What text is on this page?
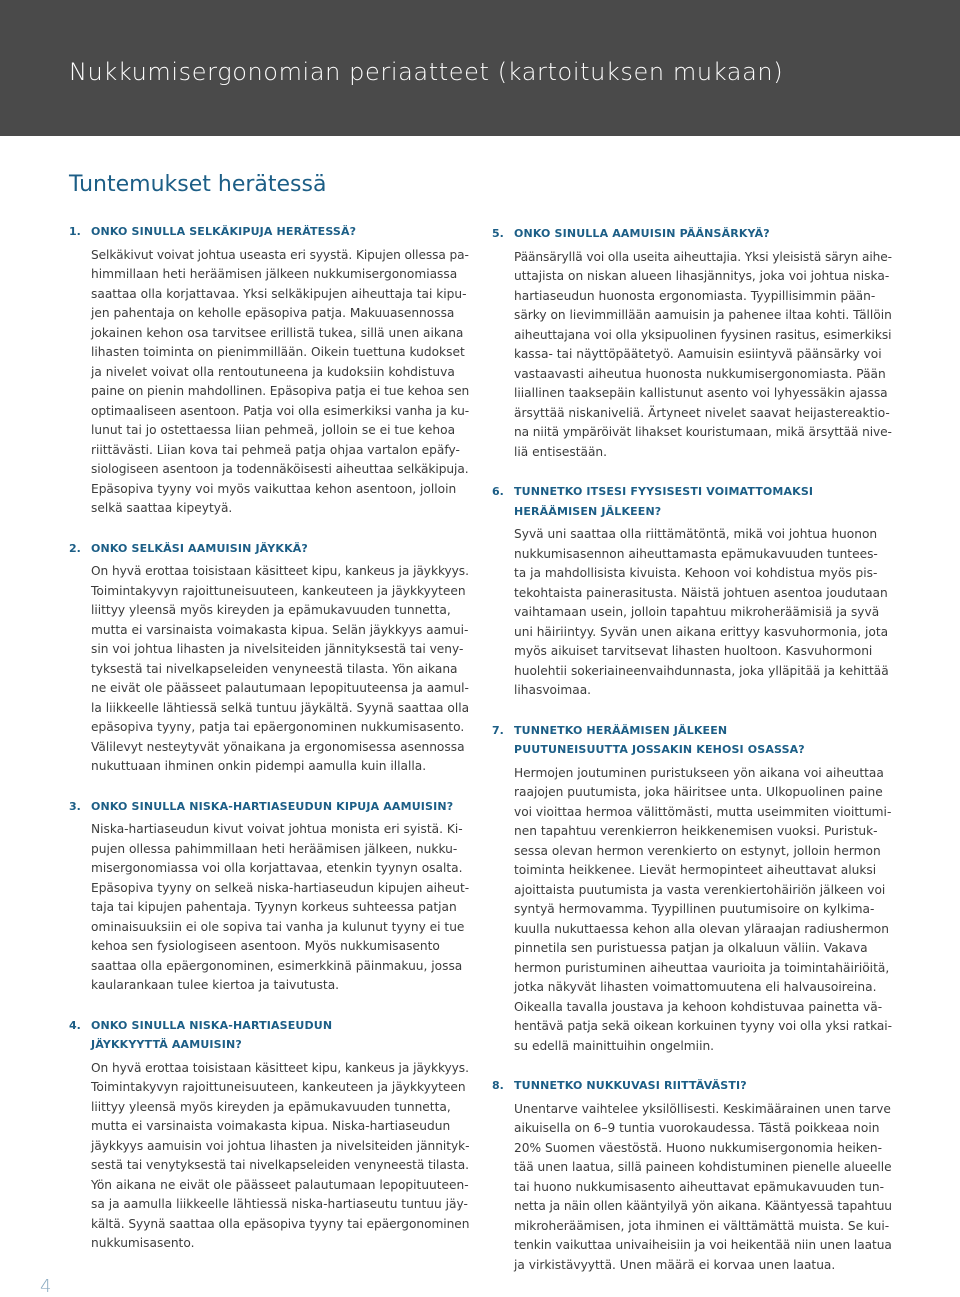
Nukkumisergonomian periaatteet (kartoituksen mukaan)
Tuntemukset herätessä
1. ONKO SINULLA SELKÄKIPUJA HERÄTESSÄ?
Selkäkivut voivat johtua useasta eri syystä. Kipujen ollessa pa-
himmillaan heti heräämisen jälkeen nukkumisergonomiassa
saattaa olla korjattavaa. Yksi selkäkipujen aiheuttaja tai kipu-
jen pahentaja on keholle epäsopiva patja. Makuuasennossa
jokainen kehon osa tarvitsee erillistä tukea, sillä unen aikana
lihasten toiminta on pienimmillään. Oikein tuettuna kudokset
ja nivelet voivat olla rentoutuneena ja kudoksiin kohdistuva
paine on pienin mahdollinen. Epäsopiva patja ei tue kehoa sen
optimaaliseen asentoon. Patja voi olla esimerkiksi vanha ja ku-
lunut tai jo ostettaessa liian pehmeä, jolloin se ei tue kehoa
riittävästi. Liian kova tai pehmeä patja ohjaa vartalon epäfy-
siologiseen asentoon ja todennäköisesti aiheuttaa selkäkipuja.
Epäsopiva tyyny voi myös vaikuttaa kehon asentoon, jolloin
selkä saattaa kipeytyä.
2. ONKO SELKÄSI AAMUISIN JÄYKKÄ?
On hyvä erottaa toisistaan käsitteet kipu, kankeus ja jäykkyys.
Toimintakyvyn rajoittuneisuuteen, kankeuteen ja jäykkyyteen
liittyy yleensä myös kireyden ja epämukavuuden tunnetta,
mutta ei varsinaista voimakasta kipua. Selän jäykkyys aamui-
sin voi johtua lihasten ja nivelsiteiden jännityksestä tai veny-
tyksestä tai nivelkapseleiden venyneestä tilasta. Yön aikana
ne eivät ole päässeet palautumaan lepopituuteensa ja aamul-
la liikkeelle lähtiessä selkä tuntuu jäykältä. Syynä saattaa olla
epäsopiva tyyny, patja tai epäergonominen nukkumisasento.
Välilevyt nesteytyvät yönaikana ja ergonomisessa asennossa
nukuttuaan ihminen onkin pidempi aamulla kuin illalla.
3. ONKO SINULLA NISKA-HARTIASEUDUN KIPUJA AAMUISIN?
Niska-hartiaseudun kivut voivat johtua monista eri syistä. Ki-
pujen ollessa pahimmillaan heti heräämisen jälkeen, nukku-
misergonomiassa voi olla korjattavaa, etenkin tyynyn osalta.
Epäsopiva tyyny on selkeä niska-hartiaseudun kipujen aiheut-
taja tai kipujen pahentaja. Tyynyn korkeus suhteessa patjan
ominaisuuksiin ei ole sopiva tai vanha ja kulunut tyyny ei tue
kehoa sen fysiologiseen asentoon. Myös nukkumisasento
saattaa olla epäergonominen, esimerkkinä päinmakuu, jossa
kaularankaan tulee kiertoa ja taivutusta.
4. ONKO SINULLA NISKA-HARTIASEUDUN
JÄYKKYYTTÄ AAMUISIN?
On hyvä erottaa toisistaan käsitteet kipu, kankeus ja jäykkyys.
Toimintakyvyn rajoittuneisuuteen, kankeuteen ja jäykkyyteen
liittyy yleensä myös kireyden ja epämukavuuden tunnetta,
mutta ei varsinaista voimakasta kipua. Niska-hartiaseudun
jäykkyys aamuisin voi johtua lihasten ja nivelsiteiden jännityk-
sestä tai venytyksestä tai nivelkapseleiden venyneestä tilasta.
Yön aikana ne eivät ole päässeet palautumaan lepopituuteen-
sa ja aamulla liikkeelle lähtiessä niska-hartiaseutu tuntuu jäy-
kältä. Syynä saattaa olla epäsopiva tyyny tai epäergonominen
nukkumisasento.
5. ONKO SINULLA AAMUISIN PÄÄNSÄRKYÄ?
Päänsäryllä voi olla useita aiheuttajia. Yksi yleisistä säryn aihe-
uttajista on niskan alueen lihasjännitys, joka voi johtua niska-
hartiaseudun huonosta ergonomiasta. Tyypillisimmin pään-
särky on lievimmillään aamuisin ja pahenee iltaa kohti. Tällöin
aiheuttajana voi olla yksipuolinen fyysinen rasitus, esimerkiksi
kassa- tai näyttöpäätetyö. Aamuisin esiintyvä päänsärky voi
vastaavasti aiheutua huonosta nukkumisergonomiasta. Pään
liiallinen taaksepäin kallistunut asento voi lyhyessäkin ajassa
ärsyttää niskaniveliä. Ärtyneet nivelet saavat heijastereaktio-
na niitä ympäröivät lihakset kouristumaan, mikä ärsyttää nive-
liä entisestään.
6. TUNNETKO ITSESI FYYSISESTI VOIMATTOMAKSI
HERÄÄMISEN JÄLKEEN?
Syvä uni saattaa olla riittämätöntä, mikä voi johtua huonon
nukkumisasennon aiheuttamasta epämukavuuden tuntees-
ta ja mahdollisista kivuista. Kehoon voi kohdistua myös pis-
tekohtaista painerasitusta. Näistä johtuen asentoa joudutaan
vaihtamaan usein, jolloin tapahtuu mikroheräämisiä ja syvä
uni häiriintyy. Syvän unen aikana erittyy kasvuhormonia, jota
myös aikuiset tarvitsevat lihasten huoltoon. Kasvuhormoni
huolehtii sokeriaineenvaihdunnasta, joka ylläpitää ja kehittää
lihasvoimaa.
7. TUNNETKO HERÄÄMISEN JÄLKEEN
PUUTUNEISUUTTA JOSSAKIN KEHOSI OSASSA?
Hermojen joutuminen puristukseen yön aikana voi aiheuttaa
raajojen puutumista, joka häiritsee unta. Ulkopuolinen paine
voi vioittaa hermoa välittömästi, mutta useimmiten vioittumi-
nen tapahtuu verenkierron heikkenemisen vuoksi. Puristuk-
sessa olevan hermon verenkierto on estynyt, jolloin hermon
toiminta heikkenee. Lievät hermopinteet aiheuttavat aluksi
ajoittaista puutumista ja vasta verenkiertohäiriön jälkeen voi
syntyä hermovamma. Tyypillinen puutumisoire on kylkima-
kuulla nukuttaessa kehon alla olevan yläraajan radiushermon
pinnetila sen puristuessa patjan ja olkaluun väliin. Vakava
hermon puristuminen aiheuttaa vaurioita ja toimintahäiriöitä,
jotka näkyvät lihasten voimattomuutena eli halvausoireina.
Oikealla tavalla joustava ja kehoon kohdistuvaa painetta vä-
hentävä patja sekä oikean korkuinen tyyny voi olla yksi ratkai-
su edellä mainittuihin ongelmiin.
8. TUNNETKO NUKKUVASI RIITTÄVÄSTI?
Unentarve vaihtelee yksilöllisesti. Keskimäärainen unen tarve
aikuisella on 6–9 tuntia vuorokaudessa. Tästä poikkeaa noin
20% Suomen väestöstä. Huono nukkumisergonomia heiken-
tää unen laatua, sillä paineen kohdistuminen pienelle alueelle
tai huono nukkumisasento aiheuttavat epämukavuuden tun-
netta ja näin ollen kääntyilyä yön aikana. Kääntyessä tapahtuu
mikroheräämisen, jota ihminen ei välttämättä muista. Se kui-
tenkin vaikuttaa univaiheisiin ja voi heikentää niin unen laatua
ja virkistävyyttä. Unen määrä ei korvaa unen laatua.
4
